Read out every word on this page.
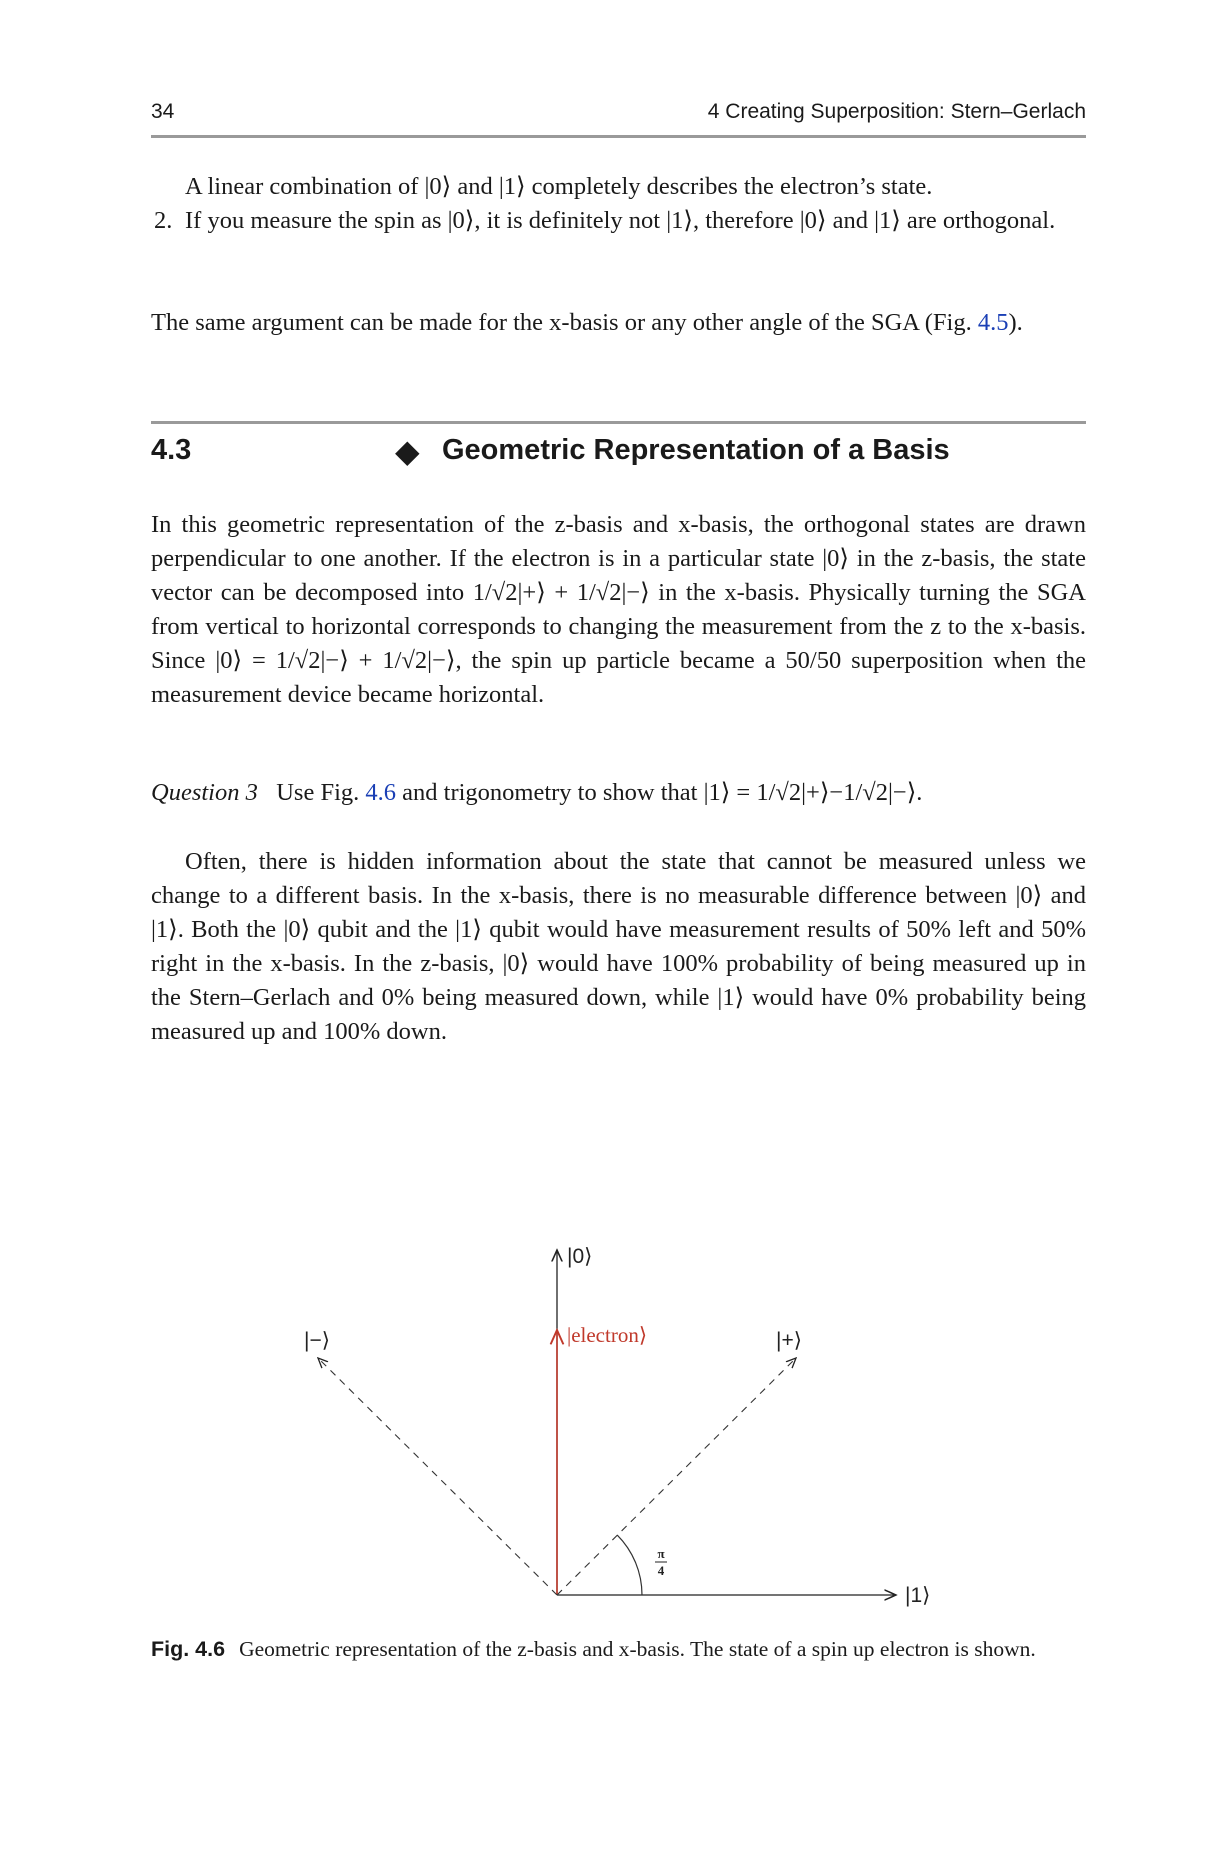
34	4 Creating Superposition: Stern–Gerlach

A linear combination of |0⟩ and |1⟩ completely describes the electron’s state.

2. If you measure the spin as |0⟩, it is definitely not |1⟩, therefore |0⟩ and |1⟩ are orthogonal.

The same argument can be made for the x-basis or any other angle of the SGA (Fig. 4.5).

4.3	◆ Geometric Representation of a Basis

In this geometric representation of the z-basis and x-basis, the orthogonal states are drawn perpendicular to one another. If the electron is in a particular state |0⟩ in the z-basis, the state vector can be decomposed into 1/√2|+⟩ + 1/√2|−⟩ in the x-basis. Physically turning the SGA from vertical to horizontal corresponds to changing the measurement from the z to the x-basis. Since |0⟩ = 1/√2|−⟩ + 1/√2|−⟩, the spin up particle became a 50/50 superposition when the measurement device became horizontal.

Question 3 Use Fig. 4.6 and trigonometry to show that |1⟩ = 1/√2|+⟩−1/√2|−⟩.

Often, there is hidden information about the state that cannot be measured unless we change to a different basis. In the x-basis, there is no measurable difference between |0⟩ and |1⟩. Both the |0⟩ qubit and the |1⟩ qubit would have measurement results of 50% left and 50% right in the x-basis. In the z-basis, |0⟩ would have 100% probability of being measured up in the Stern–Gerlach and 0% being measured down, while |1⟩ would have 0% probability being measured up and 100% down.

|0⟩
|1⟩
|+⟩
|−⟩	|electron⟩
π
4
Fig. 4.6 Geometric representation of the z-basis and x-basis. The state of a spin up electron is shown.
